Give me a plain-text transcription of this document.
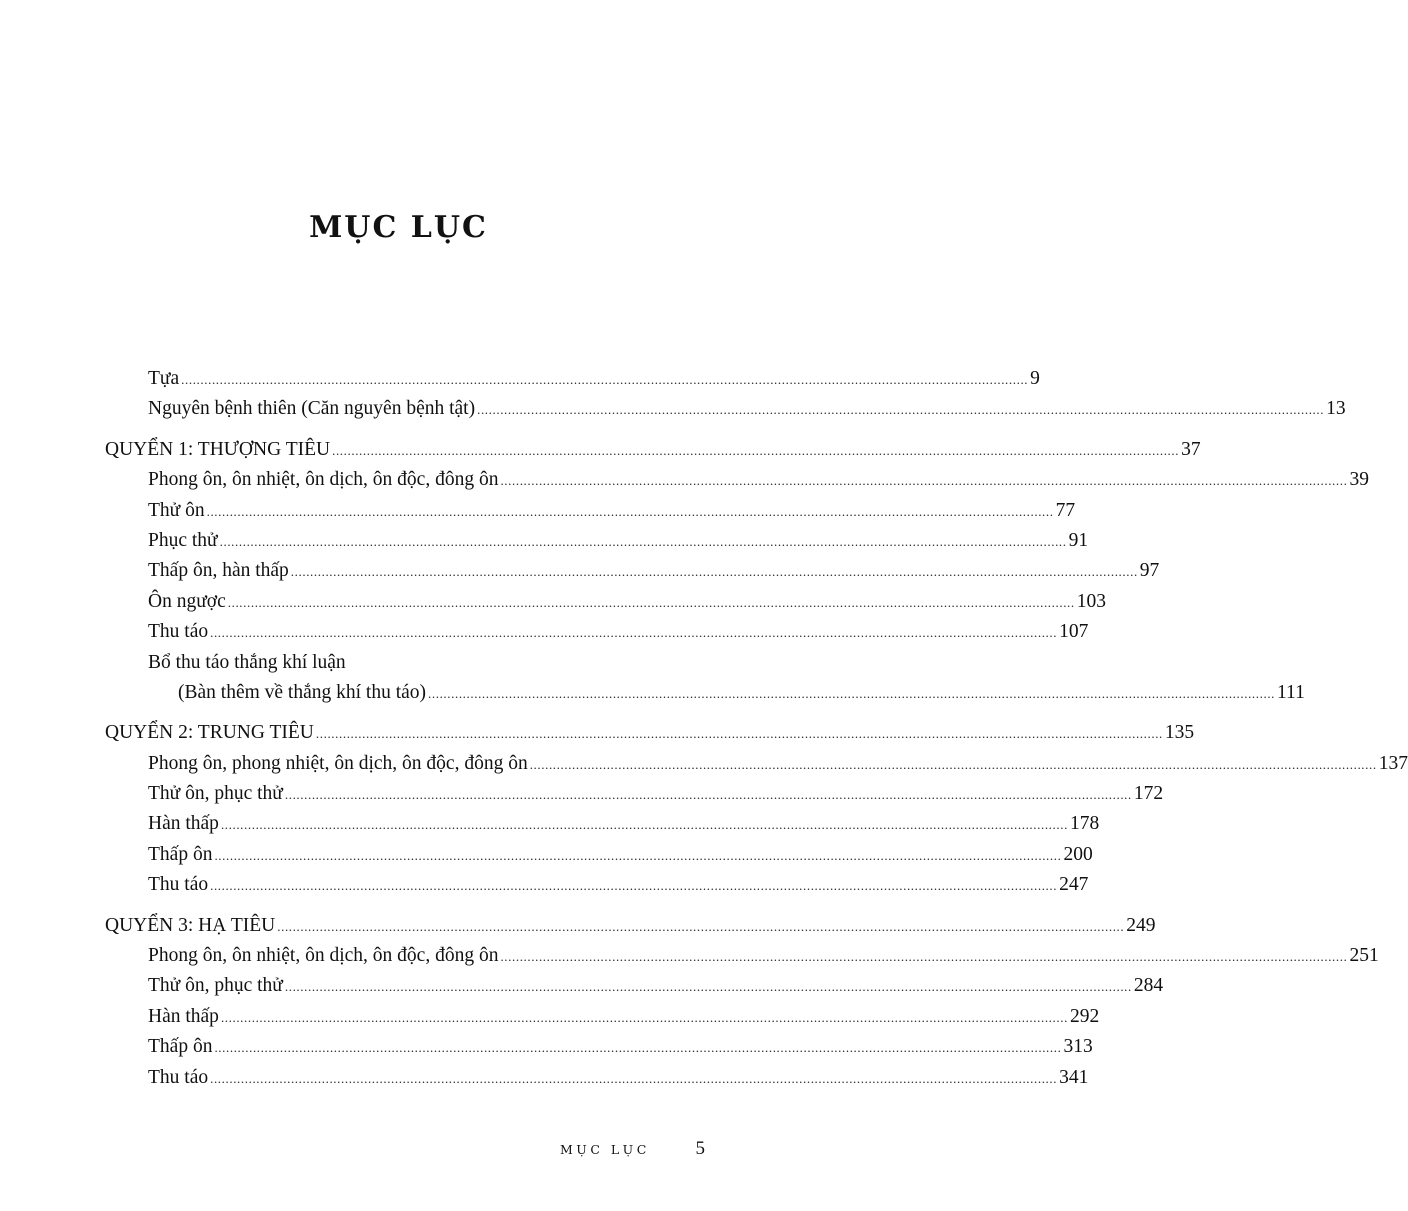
MỤC LỤC
Tựa ............................................................................................................................................................................................................................ 9
Nguyên bệnh thiên (Căn nguyên bệnh tật) ............................................................................................................................................................................................................................ 13
QUYỂN 1: THƯỢNG TIÊU ............................................................................................................................................................................................................................ 37
Phong ôn, ôn nhiệt, ôn dịch, ôn độc, đông ôn ............................................................................................................................................................................................................................ 39
Thử ôn ............................................................................................................................................................................................................................ 77
Phục thử ............................................................................................................................................................................................................................ 91
Thấp ôn, hàn thấp ............................................................................................................................................................................................................................ 97
Ôn ngược ............................................................................................................................................................................................................................ 103
Thu táo ............................................................................................................................................................................................................................ 107
Bổ thu táo thắng khí luận
(Bàn thêm về thắng khí thu táo) ............................................................................................................................................................................................................................ 111
QUYỂN 2: TRUNG TIÊU ............................................................................................................................................................................................................................ 135
Phong ôn, phong nhiệt, ôn dịch, ôn độc, đông ôn ............................................................................................................................................................................................................................ 137
Thử ôn, phục thử ............................................................................................................................................................................................................................ 172
Hàn thấp ............................................................................................................................................................................................................................ 178
Thấp ôn ............................................................................................................................................................................................................................ 200
Thu táo ............................................................................................................................................................................................................................ 247
QUYỂN 3: HẠ TIÊU ............................................................................................................................................................................................................................ 249
Phong ôn, ôn nhiệt, ôn dịch, ôn độc, đông ôn ............................................................................................................................................................................................................................ 251
Thử ôn, phục thử ............................................................................................................................................................................................................................ 284
Hàn thấp ............................................................................................................................................................................................................................ 292
Thấp ôn ............................................................................................................................................................................................................................ 313
Thu táo ............................................................................................................................................................................................................................ 341
MỤC LỤC 5
